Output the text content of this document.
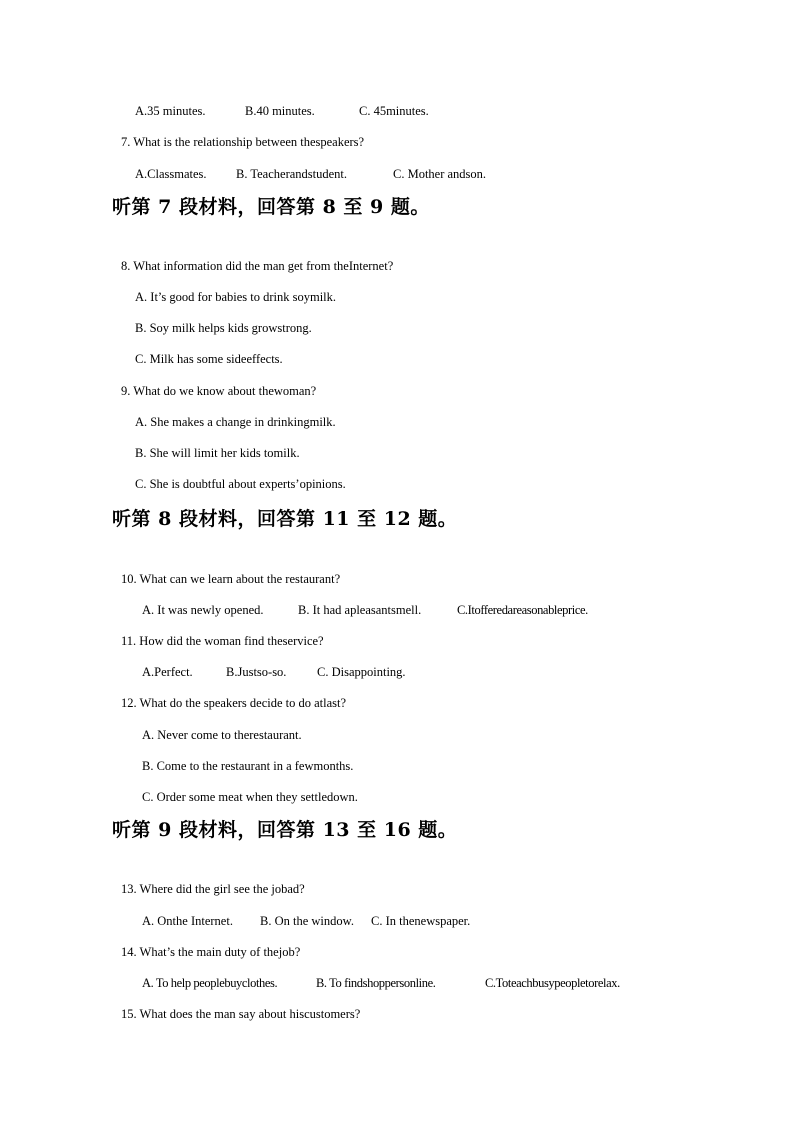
A.35 minutes.	B.40 minutes.	C. 45minutes.
7. What is the relationship between thespeakers?
A.Classmates. B. Teacherandstudent.	C. Mother andson.
听第 7 段材料，回答第 8 至 9 题。
8. What information did the man get from theInternet?
A. It’s good for babies to drink soymilk.
B. Soy milk helps kids growstrong.
C. Milk has some sideeffects.
9. What do we know about thewoman?
A. She makes a change in drinkingmilk.
B. She will limit her kids tomilk.
C. She is doubtful about experts’opinions.
听第 8 段材料，回答第 11 至 12 题。
10. What can we learn about the restaurant?
A. It was newly opened.	B. It had apleasantsmell.	C.Itofferedareasonableprice.
11. How did the woman find theservice?
A.Perfect.	B.Justso-so. C. Disappointing.
12. What do the speakers decide to do atlast?
A. Never come to therestaurant.
B. Come to the restaurant in a fewmonths.
C. Order some meat when they settledown.
听第 9 段材料，回答第 13 至 16 题。
13. Where did the girl see the jobad?
A. Onthe Internet. B. On the window. C. In thenewspaper.
14. What’s the main duty of thejob?
A. To help peoplebuyclothes.	B. To findshoppersonline.	C.Toteachbusypeopletorelax.
15. What does the man say about hiscustomers?
